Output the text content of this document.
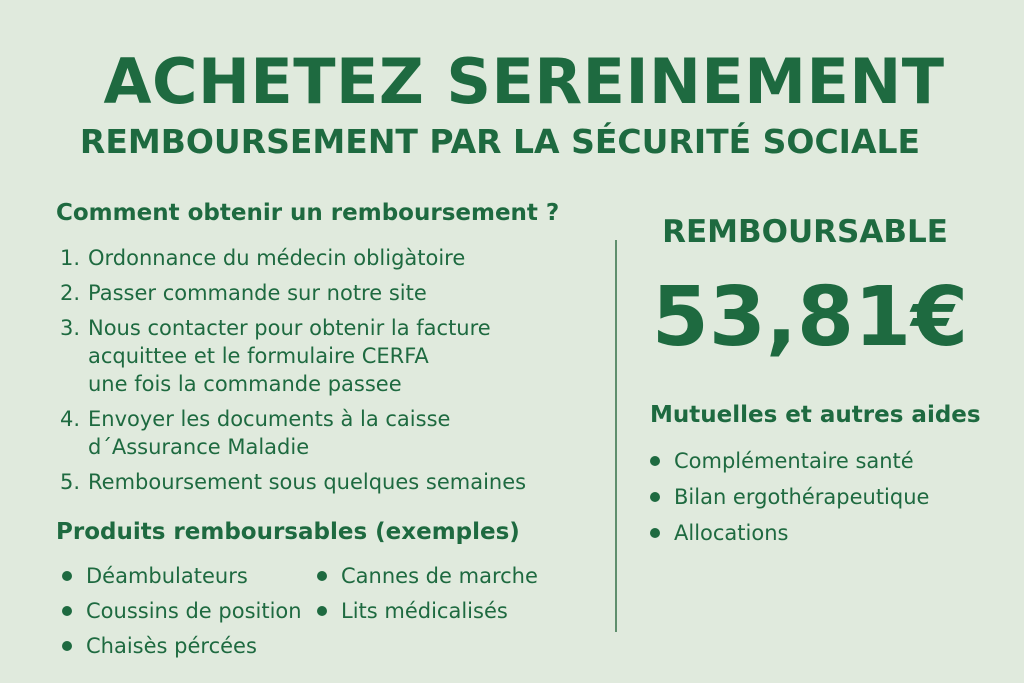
ACHETEZ SEREINEMENT
REMBOURSEMENT PAR LA SÉCURITÉ SOCIALE
Comment obtenir un remboursement ?
1. Ordonnance du médecin obligàtoire
2. Passer commande sur notre site
3. Nous contacter pour obtenir la facture
acquittee et le formulaire CERFA
une fois la commande passee
4. Envoyer les documents à la caisse
d´Assurance Maladie
5. Remboursement sous quelques semaines
Produits remboursables (exemples)
Déambulateurs	Cannes de marche
Coussins de position Lits médicalisés
Chaisès pércées
REMBOURSABLE
53,81€
Mutuelles et autres aides
Complémentaire santé
Bilan ergothérapeutique
Allocations
